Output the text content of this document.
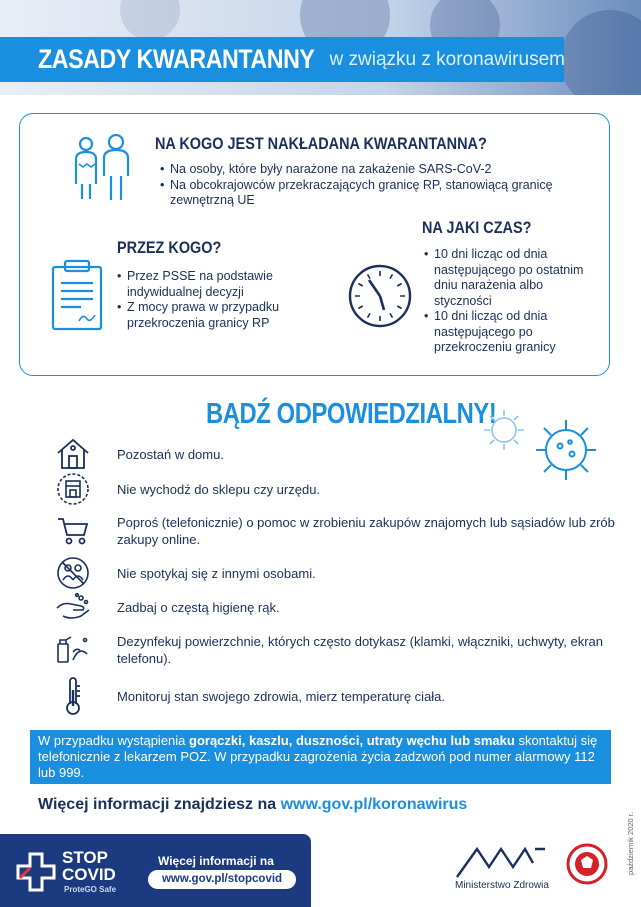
ZASADY KWARANTANNY w związku z koronawirusem
NA KOGO JEST NAKŁADANA KWARANTANNA?
• Na osoby, które były narażone na zakażenie SARS-CoV-2
• Na obcokrajowców przekraczających granicę RP, stanowiącą granicę zewnętrzną UE
PRZEZ KOGO?
• Przez PSSE na podstawie indywidualnej decyzji
• Z mocy prawa w przypadku przekroczenia granicy RP
NA JAKI CZAS?
• 10 dni licząc od dnia następującego po ostatnim dniu narażenia albo styczności
• 10 dni licząc od dnia następującego po przekroczeniu granicy
BĄDŹ ODPOWIEDZIALNY!
Pozostań w domu.
Nie wychodź do sklepu czy urzędu.
Poproś (telefonicznie) o pomoc w zrobieniu zakupów znajomych lub sąsiadów lub zrób zakupy online.
Nie spotykaj się z innymi osobami.
Zadbaj o częstą higienę rąk.
Dezynfekuj powierzchnie, których często dotykasz (klamki, włączniki, uchwyty, ekran telefonu).
Monitoruj stan swojego zdrowia, mierz temperaturę ciała.
W przypadku wystąpienia gorączki, kaszlu, duszności, utraty węchu lub smaku skontaktuj się telefonicznie z lekarzem POZ. W przypadku zagrożenia życia zadzwoń pod numer alarmowy 112 lub 999.
Więcej informacji znajdziesz na www.gov.pl/koronawirus
STOP
COVID
ProteGO Safe
Więcej informacji na
www.gov.pl/stopcovid
Ministerstwo Zdrowia
październik 2020 r.
